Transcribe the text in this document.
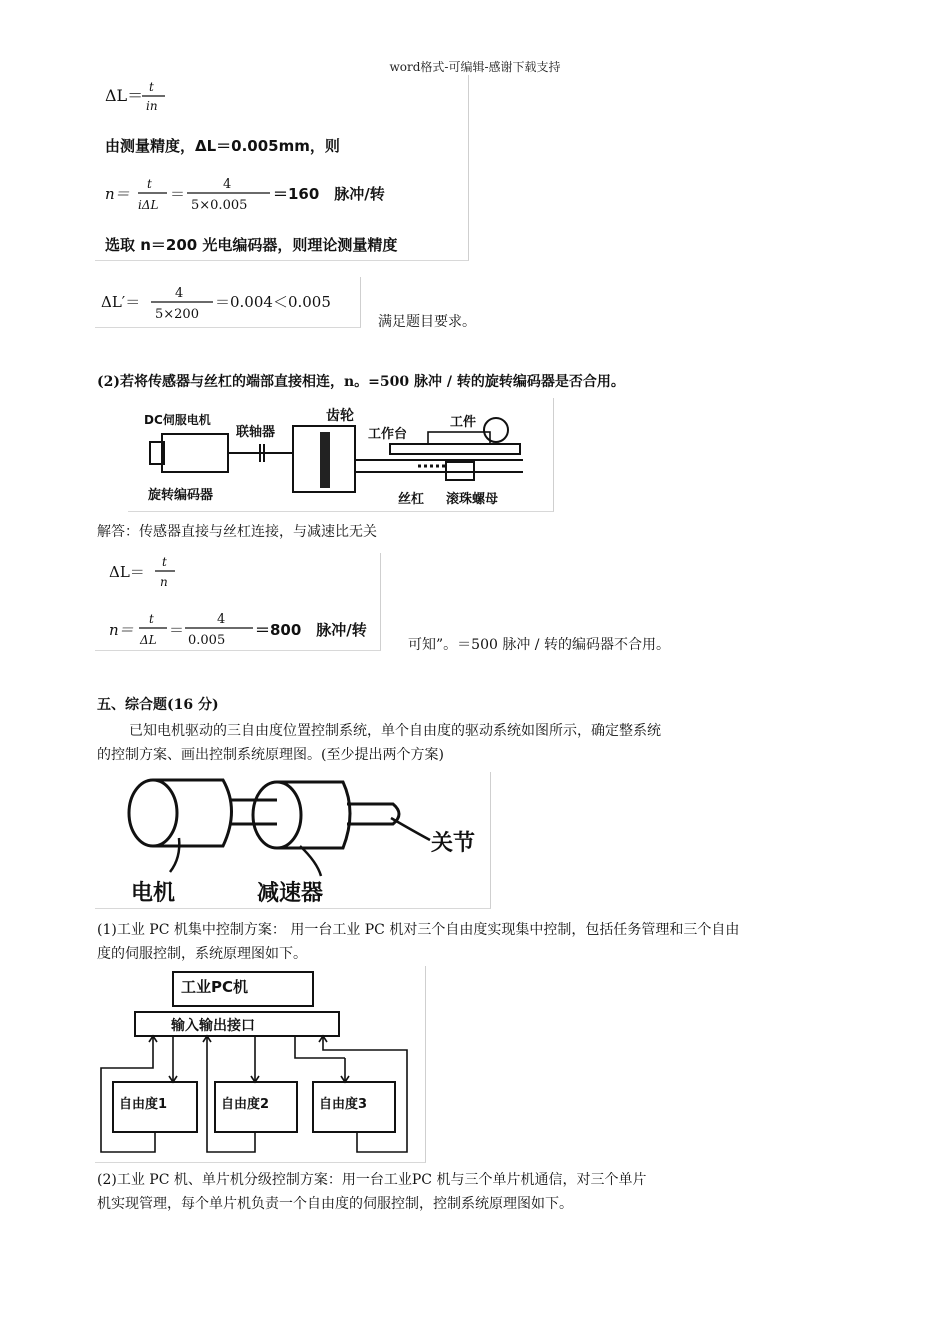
word格式-可编辑-感谢下载支持
ΔL＝ t
in
由测量精度，ΔL＝0.005mm，则
n＝
t
iΔL
＝
4
5×0.005
＝160　脉冲/转
选取 n＝200 光电编码器，则理论测量精度
ΔL′＝	4
5×200
＝0.004＜0.005
满足题目要求。
(2)若将传感器与丝杠的端部直接相连，n。=500 脉冲 / 转的旋转编码器是否合用。
DC伺服电机
联轴器
齿轮
工作台
工件
旋转编码器	丝杠 滚珠螺母
解答：传感器直接与丝杠连接，与减速比无关
ΔL＝
t
n
n＝
t
ΔL
＝
4
0.005
＝800　脉冲/转
可知”。＝500 脉冲 / 转的编码器不合用。
五、综合题(16 分)
已知电机驱动的三自由度位置控制系统，单个自由度的驱动系统如图所示，确定整系统
的控制方案、画出控制系统原理图。(至少提出两个方案)
关节
电机	减速器
(1)工业 PC 机集中控制方案： 用一台工业 PC 机对三个自由度实现集中控制，包括任务管理和三个自由
度的伺服控制，系统原理图如下。
工业PC机
输入输出接口
自由度1	自由度2	自由度3
(2)工业 PC 机、单片机分级控制方案：用一台工业PC 机与三个单片机通信，对三个单片
机实现管理，每个单片机负责一个自由度的伺服控制，控制系统原理图如下。
